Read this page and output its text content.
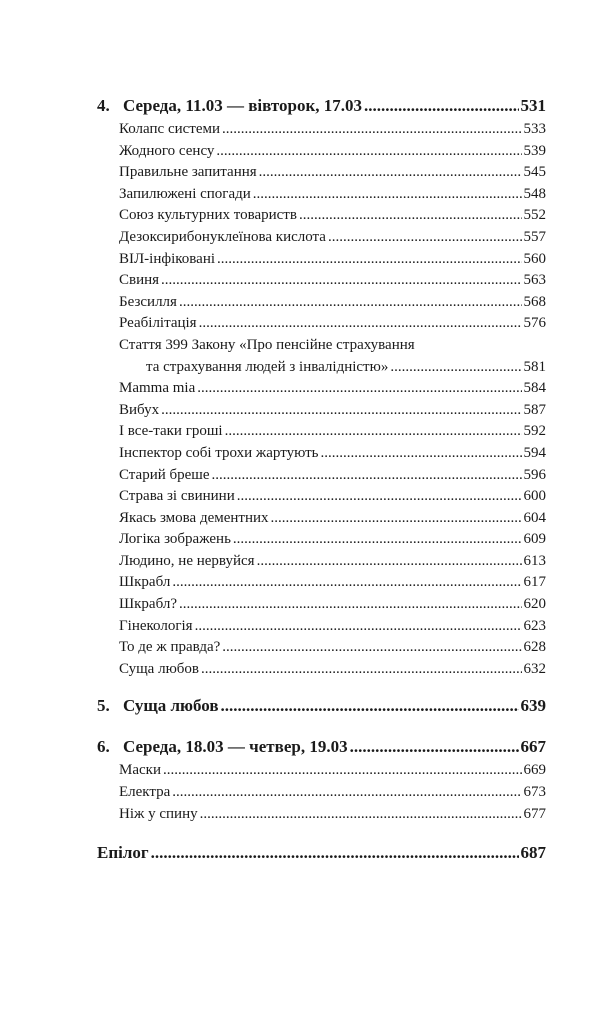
4. Середа, 11.03 — вівторок, 17.03 .....	531
Колапс системи .....	533
Жодного сенсу .....	539
Правильне запитання .....	545
Запилюжені спогади .....	548
Союз культурних товариств .....	552
Дезоксирибонуклеїнова кислота .....	557
ВІЛ-інфіковані .....	560
Свиня .....	563
Безсилля .....	568
Реабілітація .....	576
Стаття 399 Закону «Про пенсійне страхування
та страхування людей з інвалідністю» .....	581
Mamma mia .....	584
Вибух .....	587
І все-таки гроші .....	592
Інспектор собі трохи жартують .....	594
Старий бреше .....	596
Страва зі свинини .....	600
Якась змова дементних .....	604
Логіка зображень .....	609
Людино, не нервуйся .....	613
Шкрабл .....	617
Шкрабл? .....	620
Гінекологія .....	623
То де ж правда? .....	628
Суща любов .....	632
5. Суща любов .....	639
6. Середа, 18.03 — четвер, 19.03 .....	667
Маски .....	669
Електра .....	673
Ніж у спину .....	677
Епілог .....	687
